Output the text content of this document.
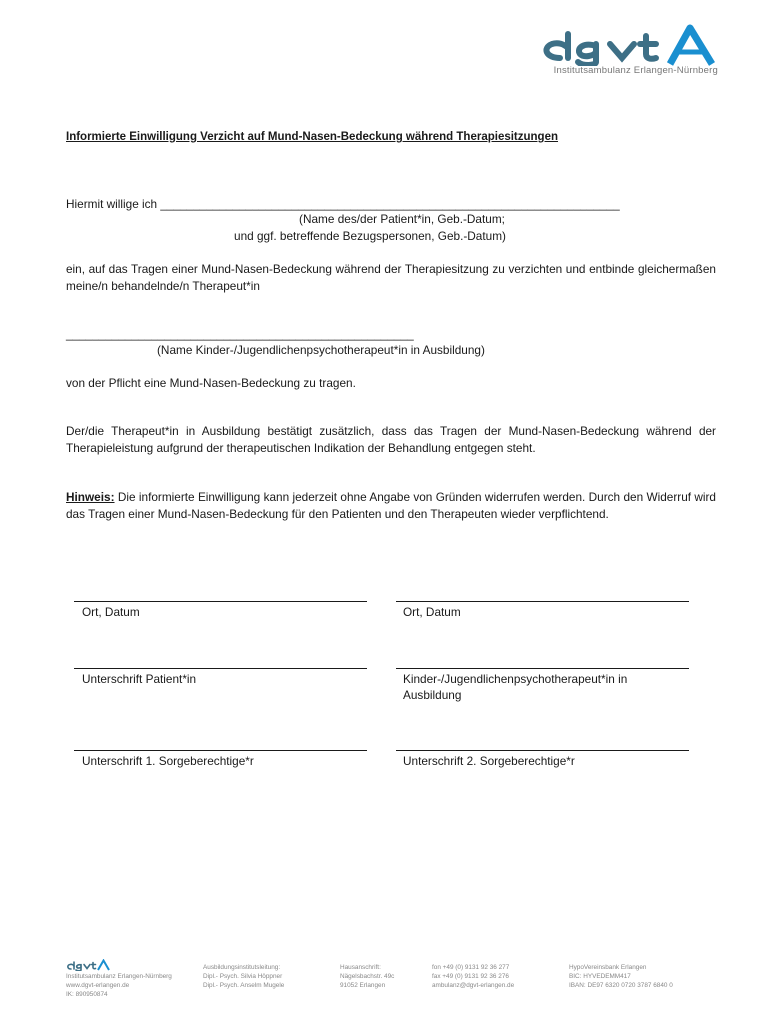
Institutsambulanz Erlangen-Nürnberg
Informierte Einwilligung Verzicht auf Mund-Nasen-Bedeckung während Therapiesitzungen
Hiermit willige ich ______________________________________________________________________
(Name des/der Patient*in, Geb.-Datum;
und ggf. betreffende Bezugspersonen, Geb.-Datum)
ein, auf das Tragen einer Mund-Nasen-Bedeckung während der Therapiesitzung zu verzichten und entbinde gleichermaßen meine/n behandelnde/n Therapeut*in
_____________________________________________________
(Name Kinder-/Jugendlichenpsychotherapeut*in in Ausbildung)
von der Pflicht eine Mund-Nasen-Bedeckung zu tragen.
Der/die Therapeut*in in Ausbildung bestätigt zusätzlich, dass das Tragen der Mund-Nasen-Bedeckung während der Therapieleistung aufgrund der therapeutischen Indikation der Behandlung entgegen steht.
Hinweis: Die informierte Einwilligung kann jederzeit ohne Angabe von Gründen widerrufen werden. Durch den Widerruf wird das Tragen einer Mund-Nasen-Bedeckung für den Patienten und den Therapeuten wieder verpflichtend.
Ort, Datum	Ort, Datum
Unterschrift Patient*in	Kinder-/Jugendlichenpsychotherapeut*in in Ausbildung
Unterschrift 1. Sorgeberechtige*r	Unterschrift 2. Sorgeberechtige*r
Institutsambulanz Erlangen-Nürnberg
www.dgvt-erlangen.de
IK: 890950874
Ausbildungsinstitutsleitung:
Dipl.- Psych. Silvia Höppner
Dipl.- Psych. Anselm Mugele
Hausanschrift:
Nägelsbachstr. 49c
91052 Erlangen
fon +49 (0) 9131 92 36 277
fax +49 (0) 9131 92 36 276
ambulanz@dgvt-erlangen.de
HypoVereinsbank Erlangen
BIC: HYVEDEMM417
IBAN: DE97 6320 0720 3787 6840 0
